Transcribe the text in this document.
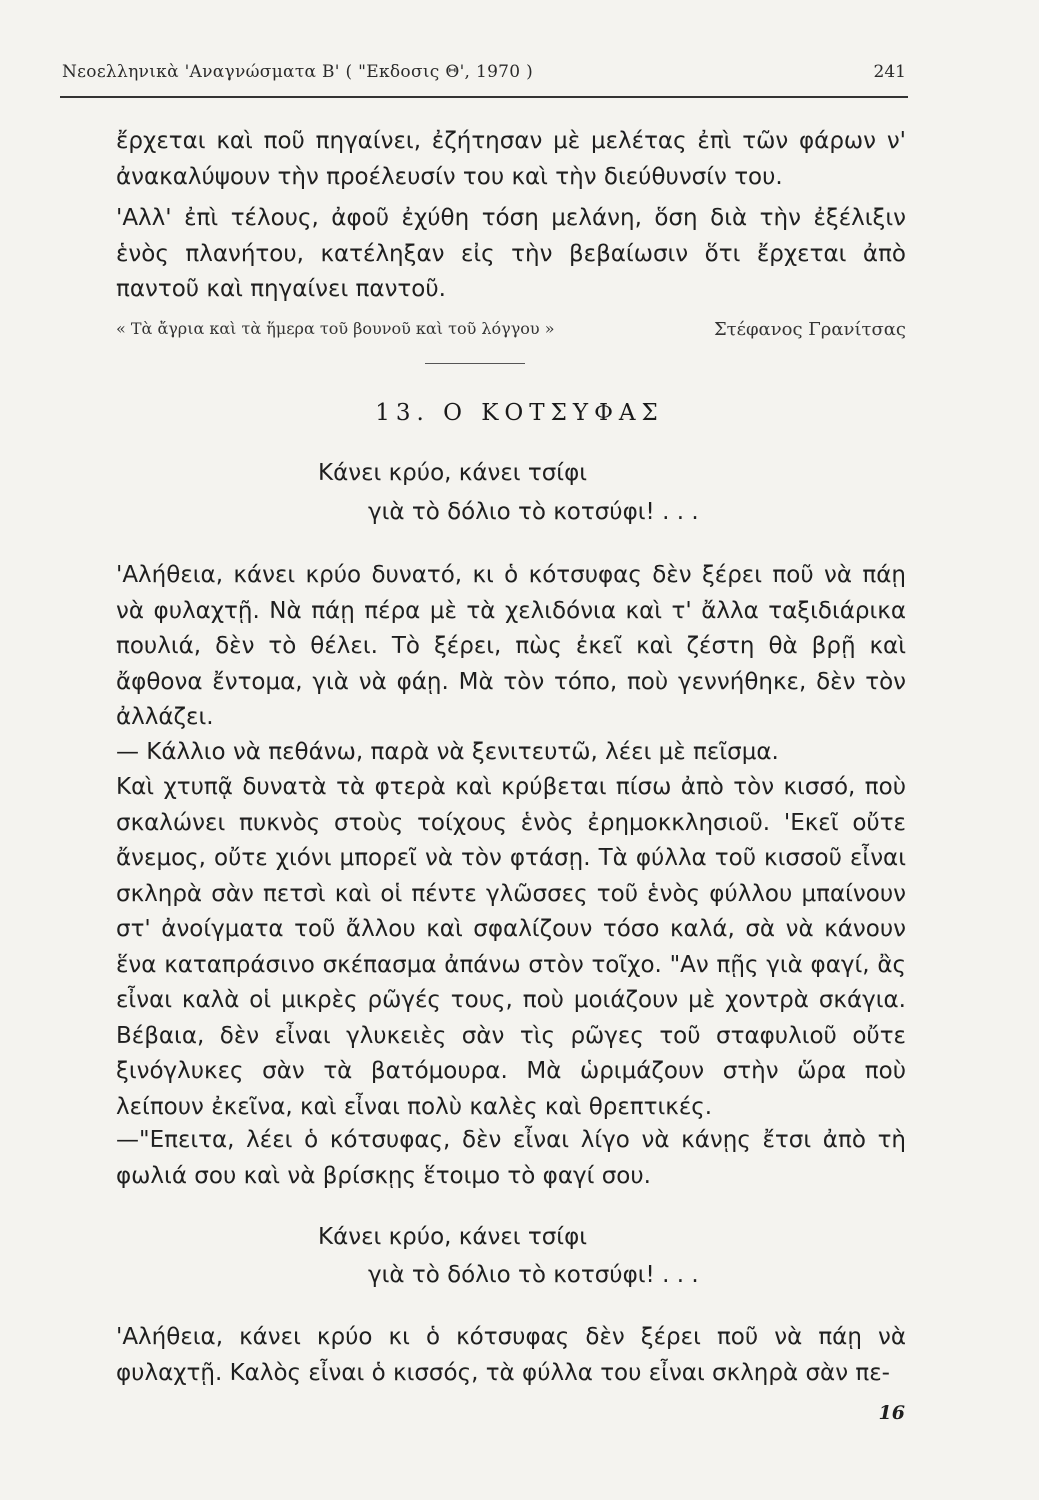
Νεοελληνικὰ 'Αναγνώσματα Β' ( "Εκδοσις Θ', 1970 )	241

ἔρχεται καὶ ποῦ πηγαίνει, ἐζήτησαν μὲ μελέτας ἐπὶ τῶν φάρων ν' ἀνακαλύψουν τὴν προέλευσίν του καὶ τὴν διεύθυνσίν του.

'Αλλ' ἐπὶ τέλους, ἀφοῦ ἐχύθη τόση μελάνη, ὅση διὰ τὴν ἐξέλιξιν ἑνὸς πλανήτου, κατέληξαν εἰς τὴν βεβαίωσιν ὅτι ἔρχεται ἀπὸ παντοῦ καὶ πηγαίνει παντοῦ.

« Τὰ ἄγρια καὶ τὰ ἥμερα τοῦ βουνοῦ καὶ τοῦ λόγγου »	Στέφανος Γρανίτσας
13. Ο ΚΟΤΣΥΦΑΣ

Κάνει κρύο, κάνει τσίφι

γιὰ τὸ δόλιο τὸ κοτσύφι! . . .

'Αλήθεια, κάνει κρύο δυνατό, κι ὁ κότσυφας δὲν ξέρει ποῦ νὰ πάῃ νὰ φυλαχτῇ. Νὰ πάῃ πέρα μὲ τὰ χελιδόνια καὶ τ' ἄλλα ταξιδιάρικα πουλιά, δὲν τὸ θέλει. Τὸ ξέρει, πὼς ἐκεῖ καὶ ζέστη θὰ βρῇ καὶ ἄφθονα ἔντομα, γιὰ νὰ φάῃ. Μὰ τὸν τόπο, ποὺ γεννήθηκε, δὲν τὸν ἀλλάζει.

— Κάλλιο νὰ πεθάνω, παρὰ νὰ ξενιτευτῶ, λέει μὲ πεῖσμα.

Καὶ χτυπᾷ δυνατὰ τὰ φτερὰ καὶ κρύβεται πίσω ἀπὸ τὸν κισσό, ποὺ σκαλώνει πυκνὸς στοὺς τοίχους ἑνὸς ἐρημοκκλησιοῦ. 'Εκεῖ οὔτε ἄνεμος, οὔτε χιόνι μπορεῖ νὰ τὸν φτάσῃ. Τὰ φύλλα τοῦ κισσοῦ εἶναι σκληρὰ σὰν πετσὶ καὶ οἱ πέντε γλῶσσες τοῦ ἑνὸς φύλλου μπαίνουν στ' ἀνοίγματα τοῦ ἄλλου καὶ σφαλίζουν τόσο καλά, σὰ νὰ κάνουν ἕνα καταπράσινο σκέπασμα ἀπάνω στὸν τοῖχο. "Αν πῇς γιὰ φαγί, ἂς εἶναι καλὰ οἱ μικρὲς ρῶγές τους, ποὺ μοιάζουν μὲ χοντρὰ σκάγια. Βέβαια, δὲν εἶναι γλυκειὲς σὰν τὶς ρῶγες τοῦ σταφυλιοῦ οὔτε ξινόγλυκες σὰν τὰ βατόμουρα. Μὰ ὡριμάζουν στὴν ὥρα ποὺ λείπουν ἐκεῖνα, καὶ εἶναι πολὺ καλὲς καὶ θρεπτικές.

—"Επειτα, λέει ὁ κότσυφας, δὲν εἶναι λίγο νὰ κάνῃς ἔτσι ἀπὸ τὴ φωλιά σου καὶ νὰ βρίσκῃς ἕτοιμο τὸ φαγί σου.

Κάνει κρύο, κάνει τσίφι

γιὰ τὸ δόλιο τὸ κοτσύφι! . . .

'Αλήθεια, κάνει κρύο κι ὁ κότσυφας δὲν ξέρει ποῦ νὰ πάῃ νὰ φυλαχτῇ. Καλὸς εἶναι ὁ κισσός, τὰ φύλλα του εἶναι σκληρὰ σὰν πε-

16
